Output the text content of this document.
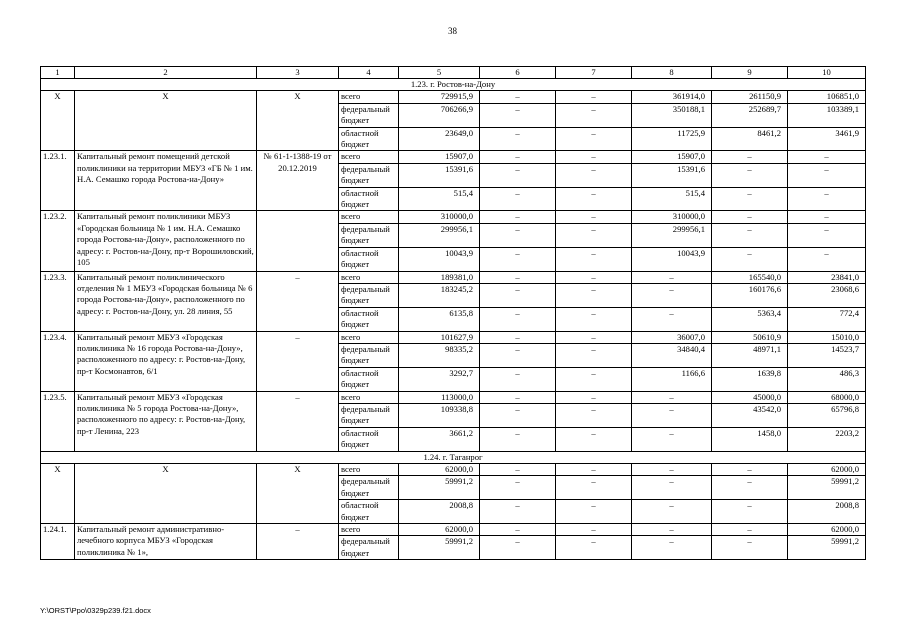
38
1	2	3	4	5	6	7	8	9	10
1.23. г. Ростов-на-Дону									
Х	Х	Х	всего	729915,9	–	–	361914,0	261150,9	106851,0
			федеральный бюджет	706266,9	–	–	350188,1	252689,7	103389,1
			областной бюджет	23649,0	–	–	11725,9	8461,2	3461,9
1.23.1.	Капитальный ремонт помещений детской поликлиники на территории МБУЗ «ГБ № 1 им. Н.А. Семашко города Ростова-на-Дону»	№ 61-1-1388-19 от 20.12.2019	всего	15907,0	–	–	15907,0	–	–
			федеральный бюджет	15391,6	–	–	15391,6	–	–
			областной бюджет	515,4	–	–	515,4	–	–
1.23.2.	Капитальный ремонт поликлиники МБУЗ «Городская больница № 1 им. Н.А. Семашко города Ростова-на-Дону», расположенного по адресу: г. Ростов-на-Дону, пр-т Ворошиловский, 105		всего	310000,0	–	–	310000,0	–	–
			федеральный бюджет	299956,1	–	–	299956,1	–	–
			областной бюджет	10043,9	–	–	10043,9	–	–
1.23.3.	Капитальный ремонт поликлинического отделения № 1 МБУЗ «Городская больница № 6 города Ростова-на-Дону», расположенного по адресу: г. Ростов-на-Дону, ул. 28 линия, 55	–	всего	189381,0	–	–	–	165540,0	23841,0
			федеральный бюджет	183245,2	–	–	–	160176,6	23068,6
			областной бюджет	6135,8	–	–	–	5363,4	772,4
1.23.4.	Капитальный ремонт МБУЗ «Городская поликлиника № 16 города Ростова-на-Дону», расположенного по адресу: г. Ростов-на-Дону, пр-т Космонавтов, 6/1	–	всего	101627,9	–	–	36007,0	50610,9	15010,0
			федеральный бюджет	98335,2	–	–	34840,4	48971,1	14523,7
			областной бюджет	3292,7	–	–	1166,6	1639,8	486,3
1.23.5.	Капитальный ремонт МБУЗ «Городская поликлиника № 5 города Ростова-на-Дону», расположенного по адресу: г. Ростов-на-Дону, пр-т Ленина, 223	–	всего	113000,0	–	–	–	45000,0	68000,0
			федеральный бюджет	109338,8	–	–	–	43542,0	65796,8
			областной бюджет	3661,2	–	–	–	1458,0	2203,2
1.24. г. Таганрог									
Х	Х	Х	всего	62000,0	–	–	–	–	62000,0
			федеральный бюджет	59991,2	–	–	–	–	59991,2
			областной бюджет	2008,8	–	–	–	–	2008,8
1.24.1.	Капитальный ремонт административно-лечебного корпуса МБУЗ «Городская поликлиника № 1»,	–	всего	62000,0	–	–	–	–	62000,0
			федеральный бюджет	59991,2	–	–	–	–	59991,2
Y:\ORST\Ppo\0329p239.f21.docx
